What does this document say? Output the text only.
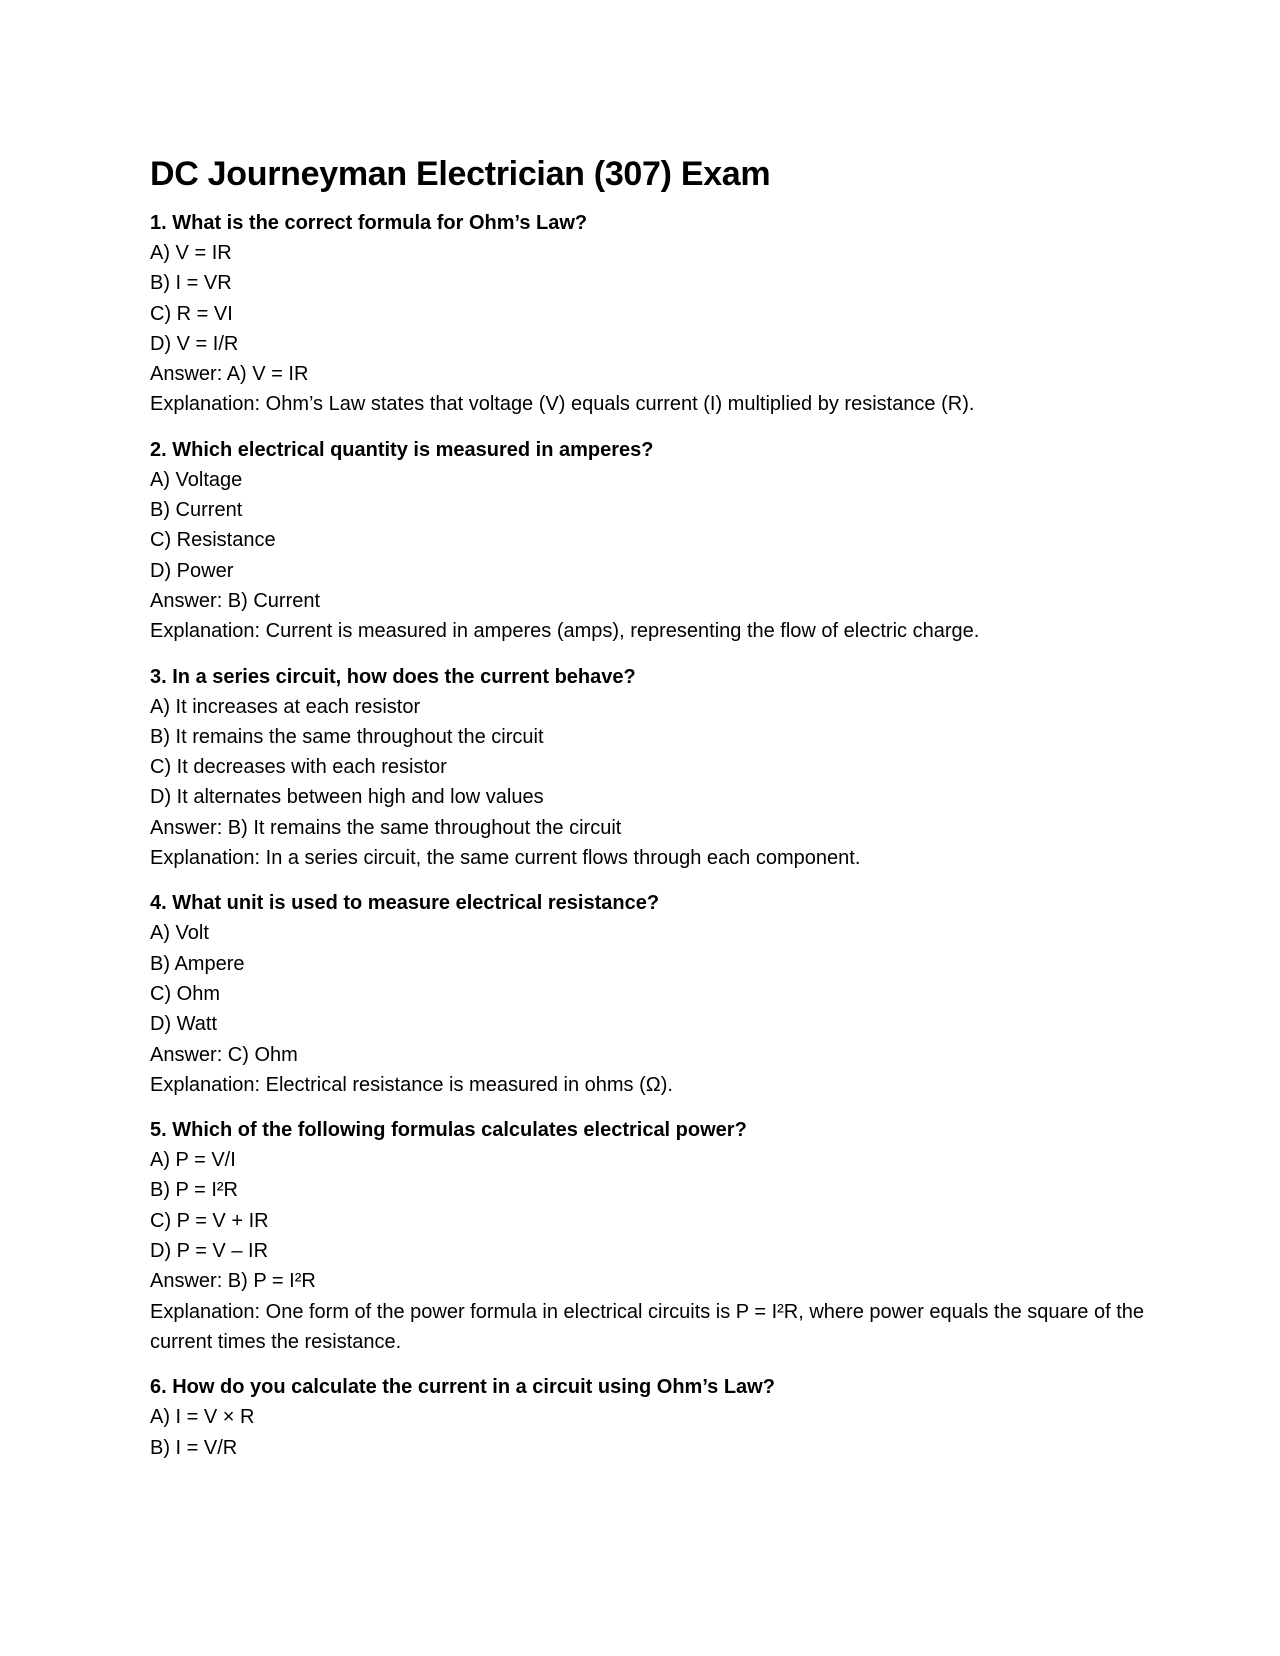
DC Journeyman Electrician (307) Exam

1. What is the correct formula for Ohm’s Law?

A) V = IR

B) I = VR

C) R = VI

D) V = I/R

Answer: A) V = IR

Explanation: Ohm’s Law states that voltage (V) equals current (I) multiplied by resistance (R).

2. Which electrical quantity is measured in amperes?

A) Voltage

B) Current

C) Resistance

D) Power

Answer: B) Current

Explanation: Current is measured in amperes (amps), representing the flow of electric charge.

3. In a series circuit, how does the current behave?

A) It increases at each resistor

B) It remains the same throughout the circuit

C) It decreases with each resistor

D) It alternates between high and low values

Answer: B) It remains the same throughout the circuit

Explanation: In a series circuit, the same current flows through each component.

4. What unit is used to measure electrical resistance?

A) Volt

B) Ampere

C) Ohm

D) Watt

Answer: C) Ohm

Explanation: Electrical resistance is measured in ohms (Ω).

5. Which of the following formulas calculates electrical power?

A) P = V/I

B) P = I²R

C) P = V + IR

D) P = V – IR

Answer: B) P = I²R

Explanation: One form of the power formula in electrical circuits is P = I²R, where power equals the square of the current times the resistance.

6. How do you calculate the current in a circuit using Ohm’s Law?

A) I = V × R

B) I = V/R
